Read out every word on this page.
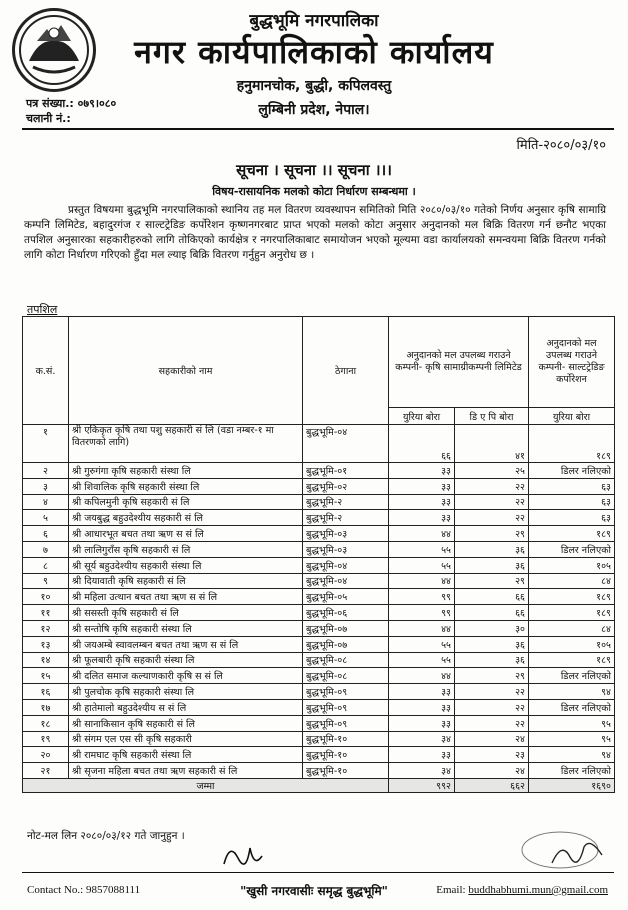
बुद्धभूमि नगरपालिका
नगर कार्यपालिकाको कार्यालय
हनुमानचोक, बुद्धी, कपिलवस्तु
लुम्बिनी प्रदेश, नेपाल।
पत्र संख्या.: ०७९।०८०
चलानी नं.:
मिति-२०८०/०३/१०
सूचना । सूचना ।। सूचना ।।।
विषय-रासायनिक मलको कोटा निर्धारण सम्बन्धमा ।
प्रस्तुत विषयमा बुद्धभूमि नगरपालिकाको स्थानिय तह मल वितरण व्यवस्थापन समितिको मिति २०८०/०३/१० गतेको निर्णय अनुसार कृषि सामाग्रि कम्पनि लिमिटेड, बहादुरगंज र साल्टट्रेडिङ कर्पोरेशन कृष्णनगरबाट प्राप्त भएको मलको कोटा अनुसार अनुदानको मल बिक्रि वितरण गर्न छनौट भएका तपशिल अनुसारका सहकारीहरुको लागि तोकिएको कार्यक्षेत्र र नगरपालिकाबाट समायोजन भएको मूल्यमा वडा कार्यालयको समन्वयमा बिक्रि वितरण गर्नको लागि कोटा निर्धारण गरिएको हुँदा मल ल्याइ बिक्रि वितरण गर्नुहुन अनुरोध छ ।
तपशिल
क.सं.	सहकारीको नाम	ठेगाना	अनुदानको मल उपलब्ध गराउने कम्पनी- कृषि सामाग्रीकम्पनी लिमिटेड		अनुदानको मल उपलब्ध गराउने कम्पनी- साल्टट्रेडिङ कर्पोरेशन
			युरिया बोरा	डि ए पि बोरा	युरिया बोरा
१	श्री एकिकृत कृषि तथा पशु सहकारी सं लि (वडा नम्बर-१ मा वितरणको लागि)	बुद्धभूमि-०४	६६	४१	१८९
२	श्री गुरुगंगा कृषि सहकारी संस्था लि	बुद्धभूमि-०१	३३	२५	डिलर नलिएको
३	श्री शिवालिक कृषि सहकारी संस्था लि	बुद्धभूमि-०२	३३	२२	६३
४	श्री कपिलमुनी कृषि सहकारी सं लि	बुद्धभूमि-२	३३	२२	६३
५	श्री जयबुद्ध बहुउदेश्यीय सहकारी सं लि	बुद्धभूमि-२	३३	२२	६३
६	श्री आधारभूत बचत तथा ऋण स सं लि	बुद्धभूमि-०३	४४	२९	१८९
७	श्री लालिगुराँस कृषि सहकारी सं लि	बुद्धभूमि-०३	५५	३६	डिलर नलिएको
८	श्री सूर्य बहुउदेश्यीय सहकारी संस्था लि	बुद्धभूमि-०४	५५	३६	१०५
९	श्री दियावाती कृषि सहकारी सं लि	बुद्धभूमि-०४	४४	२९	८४
१०	श्री महिला उत्थान बचत तथा ऋण स सं लि	बुद्धभूमि-०५	९९	६६	१८९
११	श्री ससस्ती कृषि सहकारी सं लि	बुद्धभूमि-०६	९९	६६	१८९
१२	श्री सन्तोषि कृषि सहकारी संस्था लि	बुद्धभूमि-०७	४४	३०	८४
१३	श्री जयअम्बे स्वावलम्बन बचत तथा ऋण स सं लि	बुद्धभूमि-०७	५५	३६	१०५
१४	श्री फूलबारी कृषि सहकारी संस्था लि	बुद्धभूमि-०८	५५	३६	१८९
१५	श्री दलित समाज कल्याणकारी कृषि स सं लि	बुद्धभूमि-०८	४४	२९	डिलर नलिएको
१६	श्री पुलचोक कृषि सहकारी संस्था लि	बुद्धभूमि-०९	३३	२२	९४
१७	श्री हातेमालो बहुउदेश्यीय स सं लि	बुद्धभूमि-०९	३३	२२	डिलर नलिएको
१८	श्री सानाकिसान कृषि सहकारी सं लि	बुद्धभूमि-०९	३३	२२	९५
१९	श्री संगम एल एस सी कृषि सहकारी	बुद्धभूमि-१०	३४	२४	९५
२०	श्री रामघाट कृषि सहकारी संस्था लि	बुद्धभूमि-१०	३३	२३	९४
२१	श्री सृजना महिला बचत तथा ऋण सहकारी सं लि	बुद्धभूमि-१०	३४	२४	डिलर नलिएको
जम्मा			९९२	६६२	१६९०
नोट-मल लिन २०८०/०३/१२ गते जानुहुन ।
Contact No.: 9857088111	"खुसी नगरवासीः समृद्ध बुद्धभूमि"	Email: buddhabhumi.mun@gmail.com
